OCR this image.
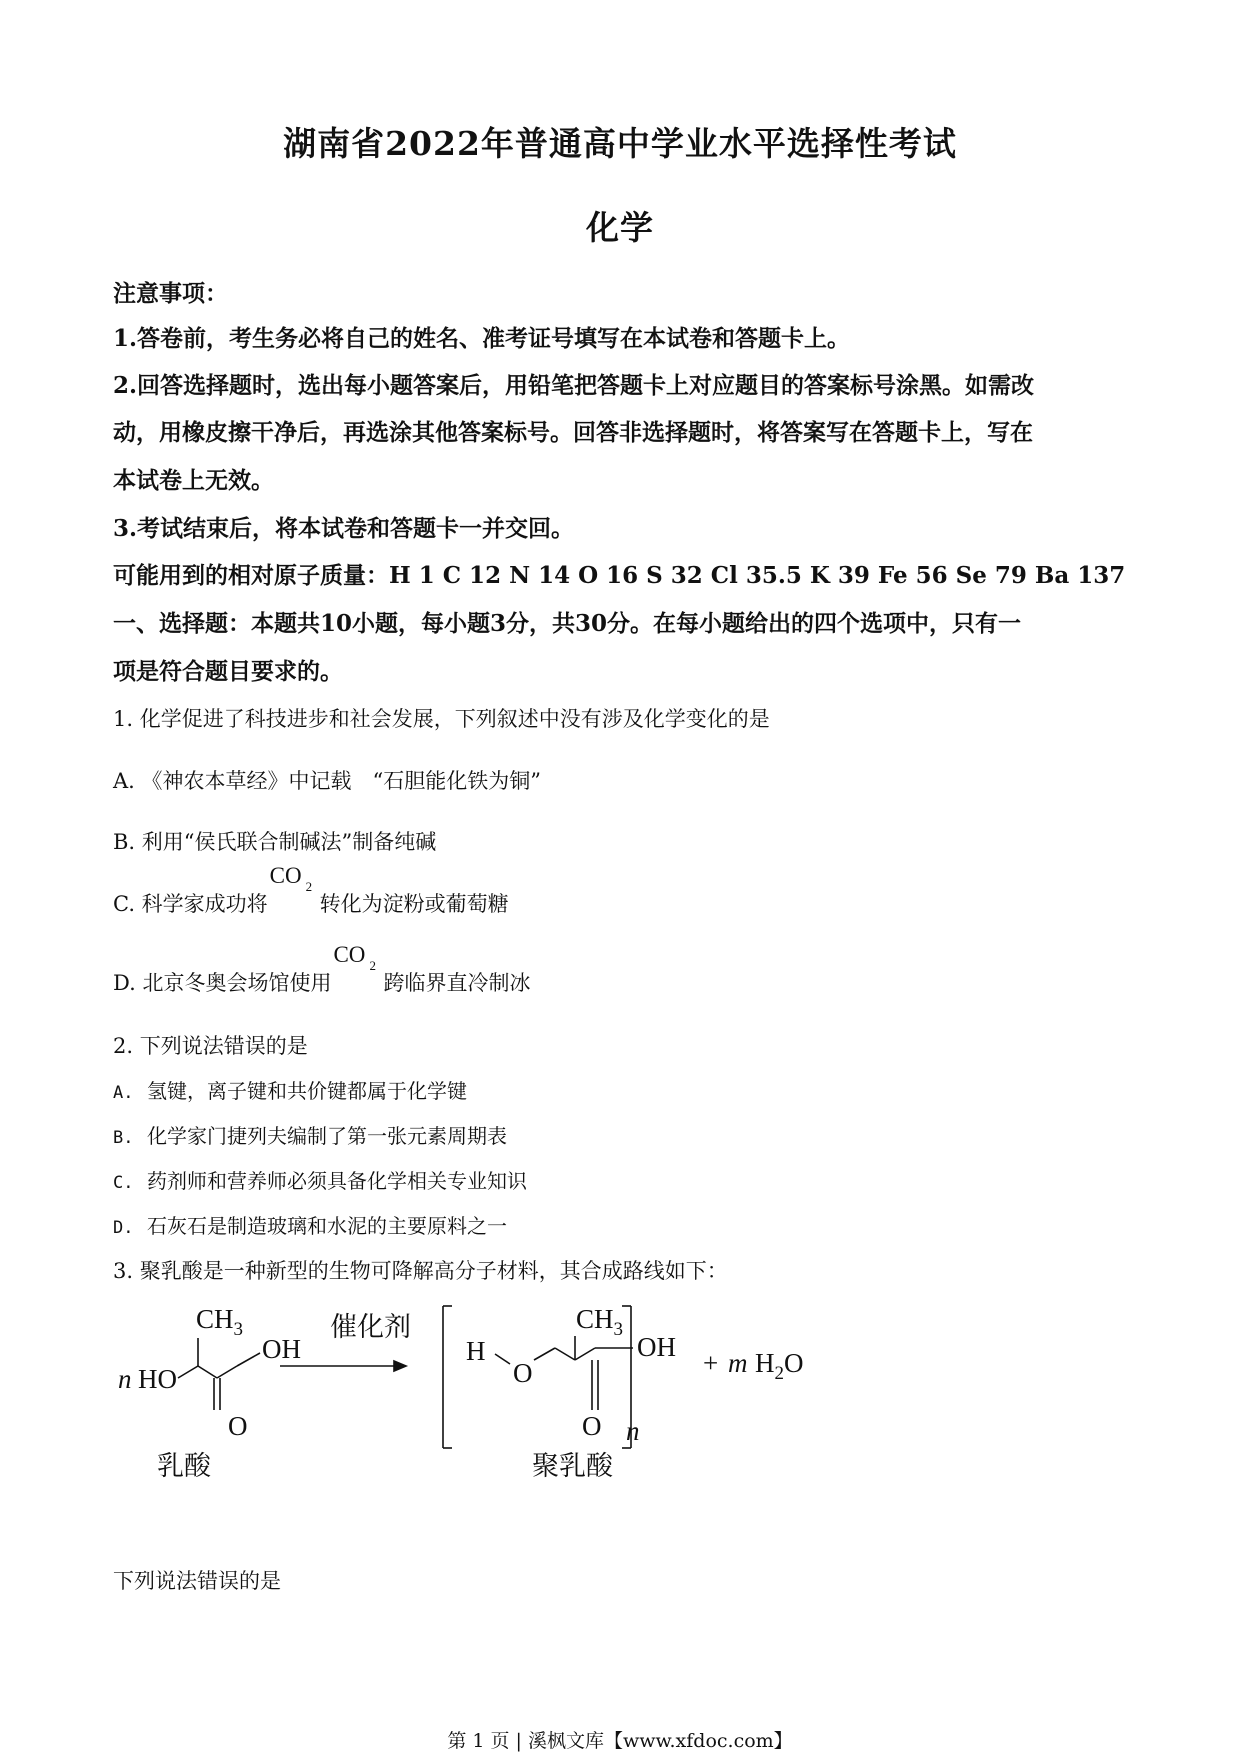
湖南省2022年普通高中学业水平选择性考试
化学
注意事项：
1.答卷前，考生务必将自己的姓名、准考证号填写在本试卷和答题卡上。
2.回答选择题时，选出每小题答案后，用铅笔把答题卡上对应题目的答案标号涂黑。如需改
动，用橡皮擦干净后，再选涂其他答案标号。回答非选择题时，将答案写在答题卡上，写在
本试卷上无效。
3.考试结束后，将本试卷和答题卡一并交回。
可能用到的相对原子质量：H 1 C 12 N 14 O 16 S 32 Cl 35.5 K 39 Fe 56 Se 79 Ba 137
一、选择题：本题共10小题，每小题3分，共30分。在每小题给出的四个选项中，只有一
项是符合题目要求的。
1. 化学促进了科技进步和社会发展，下列叙述中没有涉及化学变化的是
A. 《神农本草经》中记载　“石胆能化铁为铜”
B. 利用“侯氏联合制碱法”制备纯碱
C. 科学家成功将
CO 2
转化为淀粉或葡萄糖
D. 北京冬奥会场馆使用
CO 2
跨临界直冷制冰
2. 下列说法错误的是
A. 氢键，离子键和共价键都属于化学键
B. 化学家门捷列夫编制了第一张元素周期表
C. 药剂师和营养师必须具备化学相关专业知识
D. 石灰石是制造玻璃和水泥的主要原料之一
3. 聚乳酸是一种新型的生物可降解高分子材料，其合成路线如下：
n HO
$CH_3$
OH
O
催化剂
H
O
$CH_3$
O
OH
n
+ m $H_2O$
乳酸	聚乳酸
下列说法错误的是
第 1 页 | 溪枫文库【www.xfdoc.com】
